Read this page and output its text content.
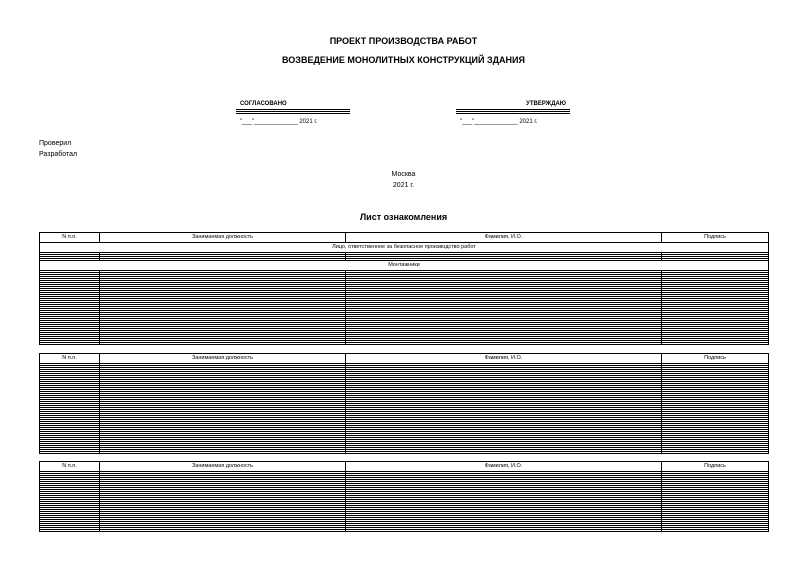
ПРОЕКТ ПРОИЗВОДСТВА РАБОТ
ВОЗВЕДЕНИЕ МОНОЛИТНЫХ КОНСТРУКЦИЙ ЗДАНИЯ
СОГЛАСОВАНО
"___"_____________ 2021 г.
УТВЕРЖДАЮ
"___"_____________ 2021 г.
Проверил
Разработал
Москва
2021 г.
Лист ознакомления
N п.п.	Занимаемая должность	Фамилия, И.О.	Подпись
Лицо, ответственное за безопасное производство работ			

Монтажники			

N п.п.	Занимаемая должность	Фамилия, И.О.	Подпись

N п.п.	Занимаемая должность	Фамилия, И.О.	Подпись
